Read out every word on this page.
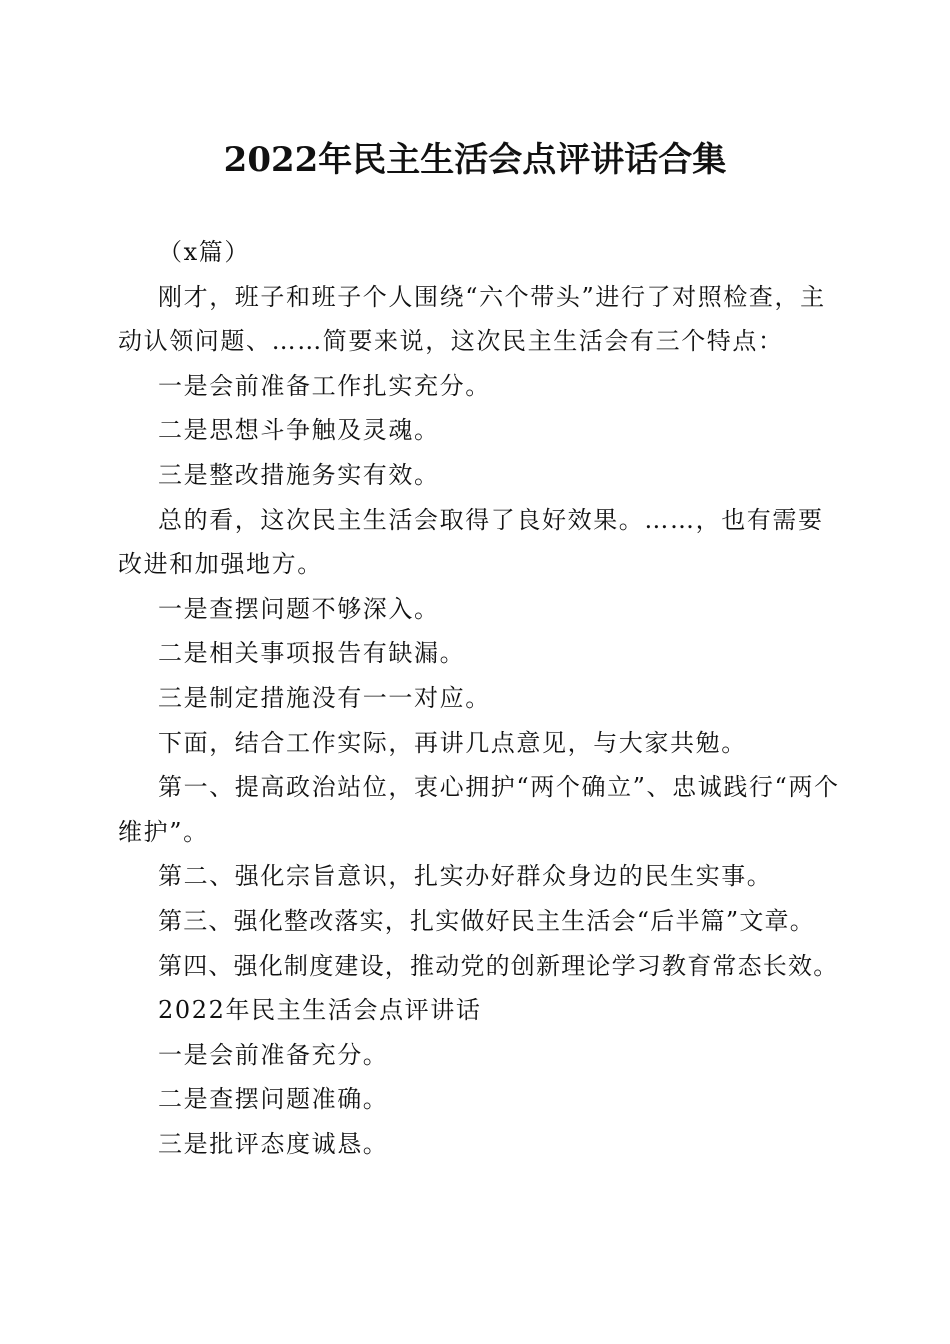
2022年民主生活会点评讲话合集

（x篇）

刚才，班子和班子个人围绕“六个带头”进行了对照检查，主动认领问题、……简要来说，这次民主生活会有三个特点：

一是会前准备工作扎实充分。

二是思想斗争触及灵魂。

三是整改措施务实有效。

总的看，这次民主生活会取得了良好效果。……，也有需要改进和加强地方。

一是查摆问题不够深入。

二是相关事项报告有缺漏。

三是制定措施没有一一对应。

下面，结合工作实际，再讲几点意见，与大家共勉。

第一、提高政治站位，衷心拥护“两个确立”、忠诚践行“两个维护”。

第二、强化宗旨意识，扎实办好群众身边的民生实事。

第三、强化整改落实，扎实做好民主生活会“后半篇”文章。

第四、强化制度建设，推动党的创新理论学习教育常态长效。

2022年民主生活会点评讲话

一是会前准备充分。

二是查摆问题准确。

三是批评态度诚恳。
